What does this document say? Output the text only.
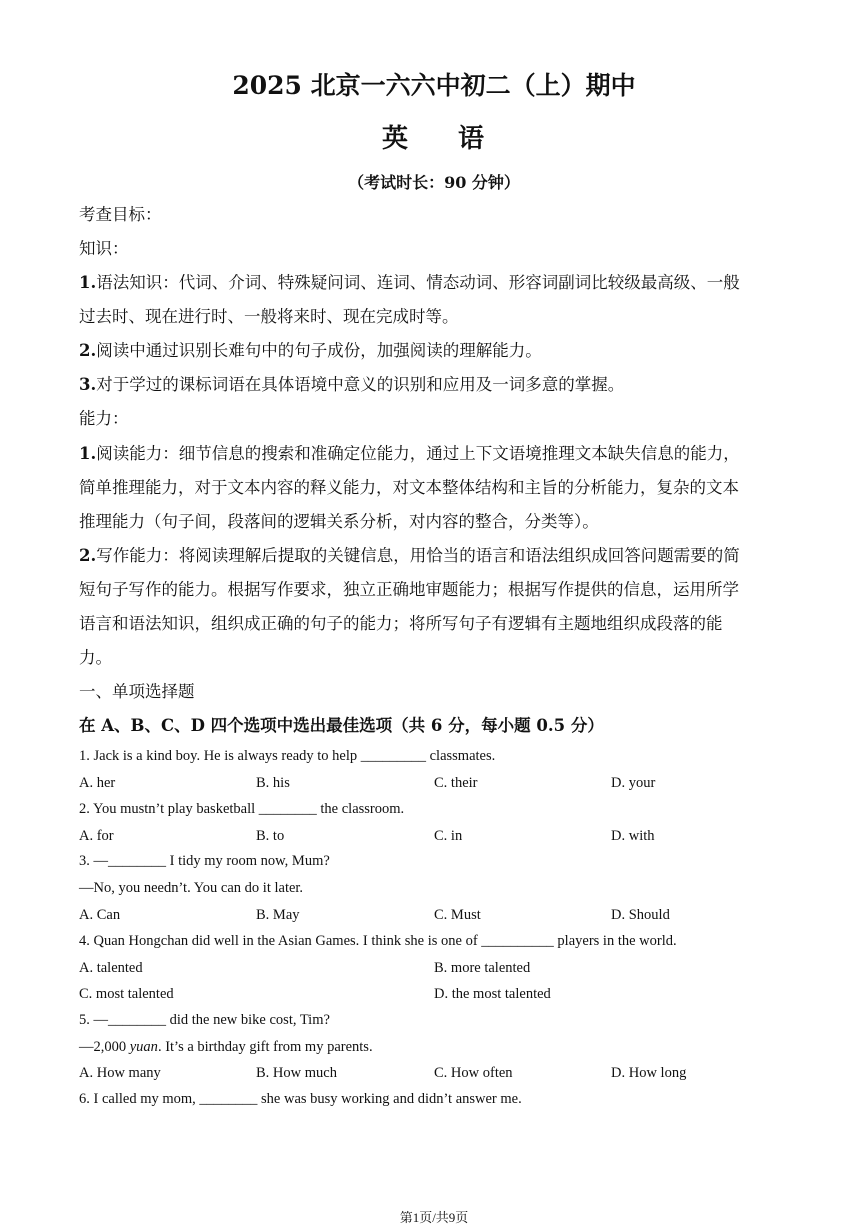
2025 北京一六六中初二（上）期中
英 语
（考试时长：90 分钟）
考查目标：
知识：
1.语法知识：代词、介词、特殊疑问词、连词、情态动词、形容词副词比较级最高级、一般
过去时、现在进行时、一般将来时、现在完成时等。
2.阅读中通过识别长难句中的句子成份，加强阅读的理解能力。
3.对于学过的课标词语在具体语境中意义的识别和应用及一词多意的掌握。
能力：
1.阅读能力：细节信息的搜索和准确定位能力，通过上下文语境推理文本缺失信息的能力，
简单推理能力，对于文本内容的释义能力，对文本整体结构和主旨的分析能力，复杂的文本
推理能力（句子间，段落间的逻辑关系分析，对内容的整合，分类等）。
2.写作能力：将阅读理解后提取的关键信息，用恰当的语言和语法组织成回答问题需要的简
短句子写作的能力。根据写作要求，独立正确地审题能力；根据写作提供的信息，运用所学
语言和语法知识，组织成正确的句子的能力；将所写句子有逻辑有主题地组织成段落的能
力。
一、单项选择题
在 A、B、C、D 四个选项中选出最佳选项（共 6 分，每小题 0.5 分）
1. Jack is a kind boy. He is always ready to help _________ classmates.
A. her	B. his	C. their	D. your
2. You mustn’t play basketball ________ the classroom.
A. for	B. to	C. in	D. with
3. —________ I tidy my room now, Mum?
—No, you needn’t. You can do it later.
A. Can	B. May	C. Must	D. Should
4. Quan Hongchan did well in the Asian Games. I think she is one of __________ players in the world.
A. talented	B. more talented
C. most talented	D. the most talented
5. —________ did the new bike cost, Tim?
—2,000 yuan. It’s a birthday gift from my parents.
A. How many	B. How much	C. How often	D. How long
6. I called my mom, ________ she was busy working and didn’t answer me.
第1页/共9页
